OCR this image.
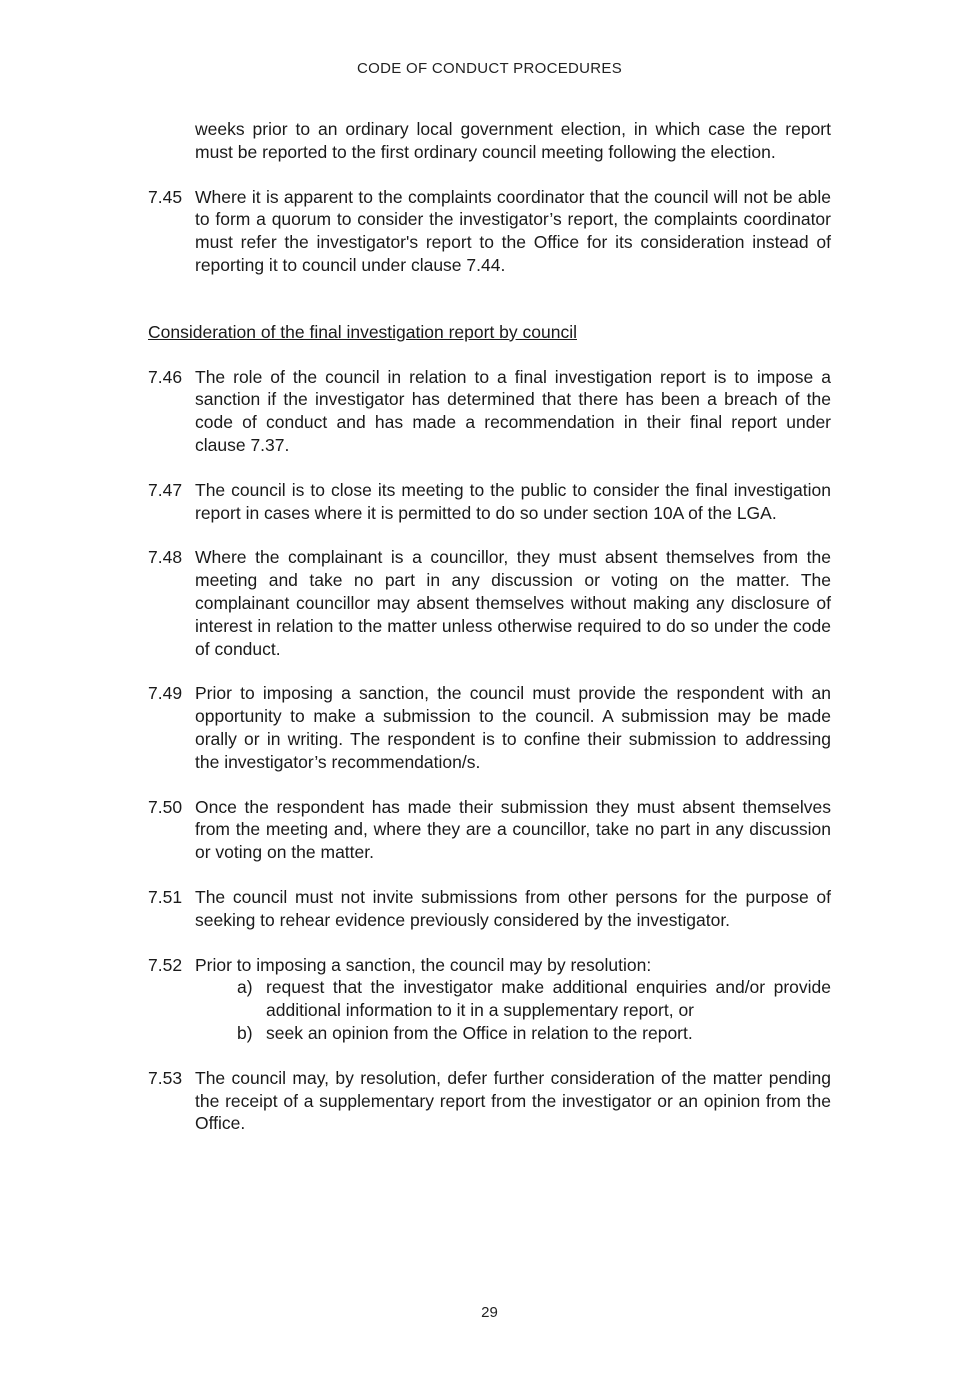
CODE OF CONDUCT PROCEDURES
weeks prior to an ordinary local government election, in which case the report must be reported to the first ordinary council meeting following the election.
7.45 Where it is apparent to the complaints coordinator that the council will not be able to form a quorum to consider the investigator’s report, the complaints coordinator must refer the investigator's report to the Office for its consideration instead of reporting it to council under clause 7.44.
Consideration of the final investigation report by council
7.46 The role of the council in relation to a final investigation report is to impose a sanction if the investigator has determined that there has been a breach of the code of conduct and has made a recommendation in their final report under clause 7.37.
7.47 The council is to close its meeting to the public to consider the final investigation report in cases where it is permitted to do so under section 10A of the LGA.
7.48 Where the complainant is a councillor, they must absent themselves from the meeting and take no part in any discussion or voting on the matter. The complainant councillor may absent themselves without making any disclosure of interest in relation to the matter unless otherwise required to do so under the code of conduct.
7.49 Prior to imposing a sanction, the council must provide the respondent with an opportunity to make a submission to the council. A submission may be made orally or in writing. The respondent is to confine their submission to addressing the investigator’s recommendation/s.
7.50 Once the respondent has made their submission they must absent themselves from the meeting and, where they are a councillor, take no part in any discussion or voting on the matter.
7.51 The council must not invite submissions from other persons for the purpose of seeking to rehear evidence previously considered by the investigator.
7.52 Prior to imposing a sanction, the council may by resolution:
a) request that the investigator make additional enquiries and/or provide additional information to it in a supplementary report, or
b) seek an opinion from the Office in relation to the report.
7.53 The council may, by resolution, defer further consideration of the matter pending the receipt of a supplementary report from the investigator or an opinion from the Office.
29
